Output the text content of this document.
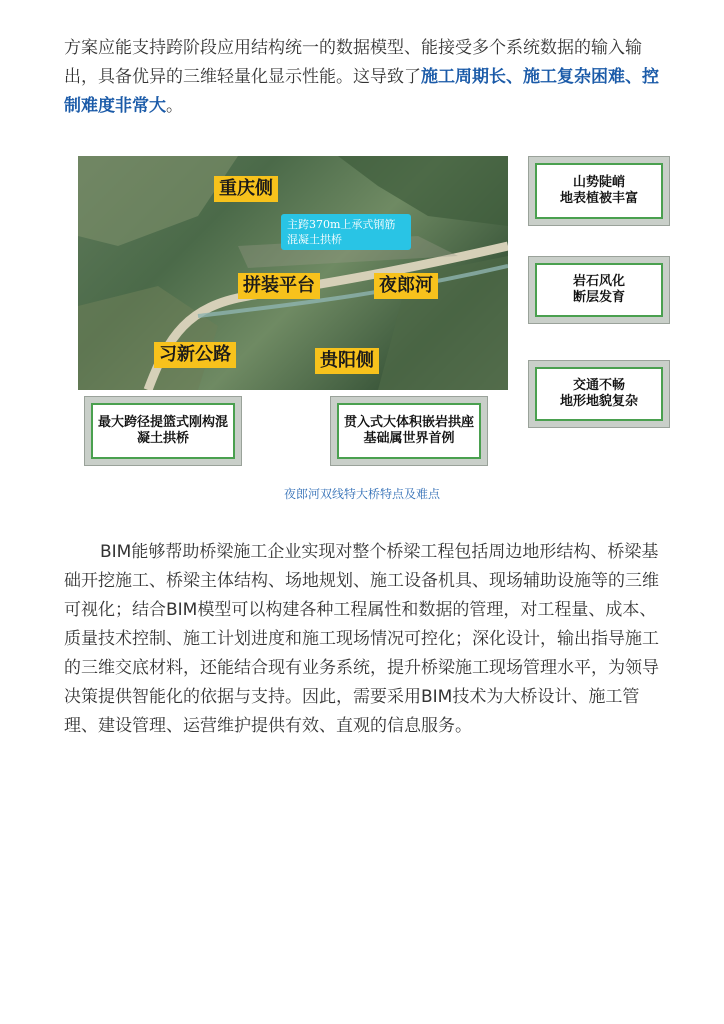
方案应能支持跨阶段应用结构统一的数据模型、能接受多个系统数据的输入输出，具备优异的三维轻量化显示性能。这导致了施工周期长、施工复杂困难、控制难度非常大。
重庆侧
主跨370m上承式钢筋混凝土拱桥
拼装平台	夜郎河
习新公路	贵阳侧
山势陡峭
地表植被丰富
岩石风化
断层发育
交通不畅
地形地貌复杂
最大跨径提篮式刚构混凝土拱桥
贯入式大体积嵌岩拱座基础属世界首例
夜郎河双线特大桥特点及难点
BIM能够帮助桥梁施工企业实现对整个桥梁工程包括周边地形结构、桥梁基础开挖施工、桥梁主体结构、场地规划、施工设备机具、现场辅助设施等的三维可视化；结合BIM模型可以构建各种工程属性和数据的管理，对工程量、成本、质量技术控制、施工计划进度和施工现场情况可控化；深化设计，输出指导施工的三维交底材料，还能结合现有业务系统，提升桥梁施工现场管理水平，为领导决策提供智能化的依据与支持。因此，需要采用BIM技术为大桥设计、施工管理、建设管理、运营维护提供有效、直观的信息服务。
